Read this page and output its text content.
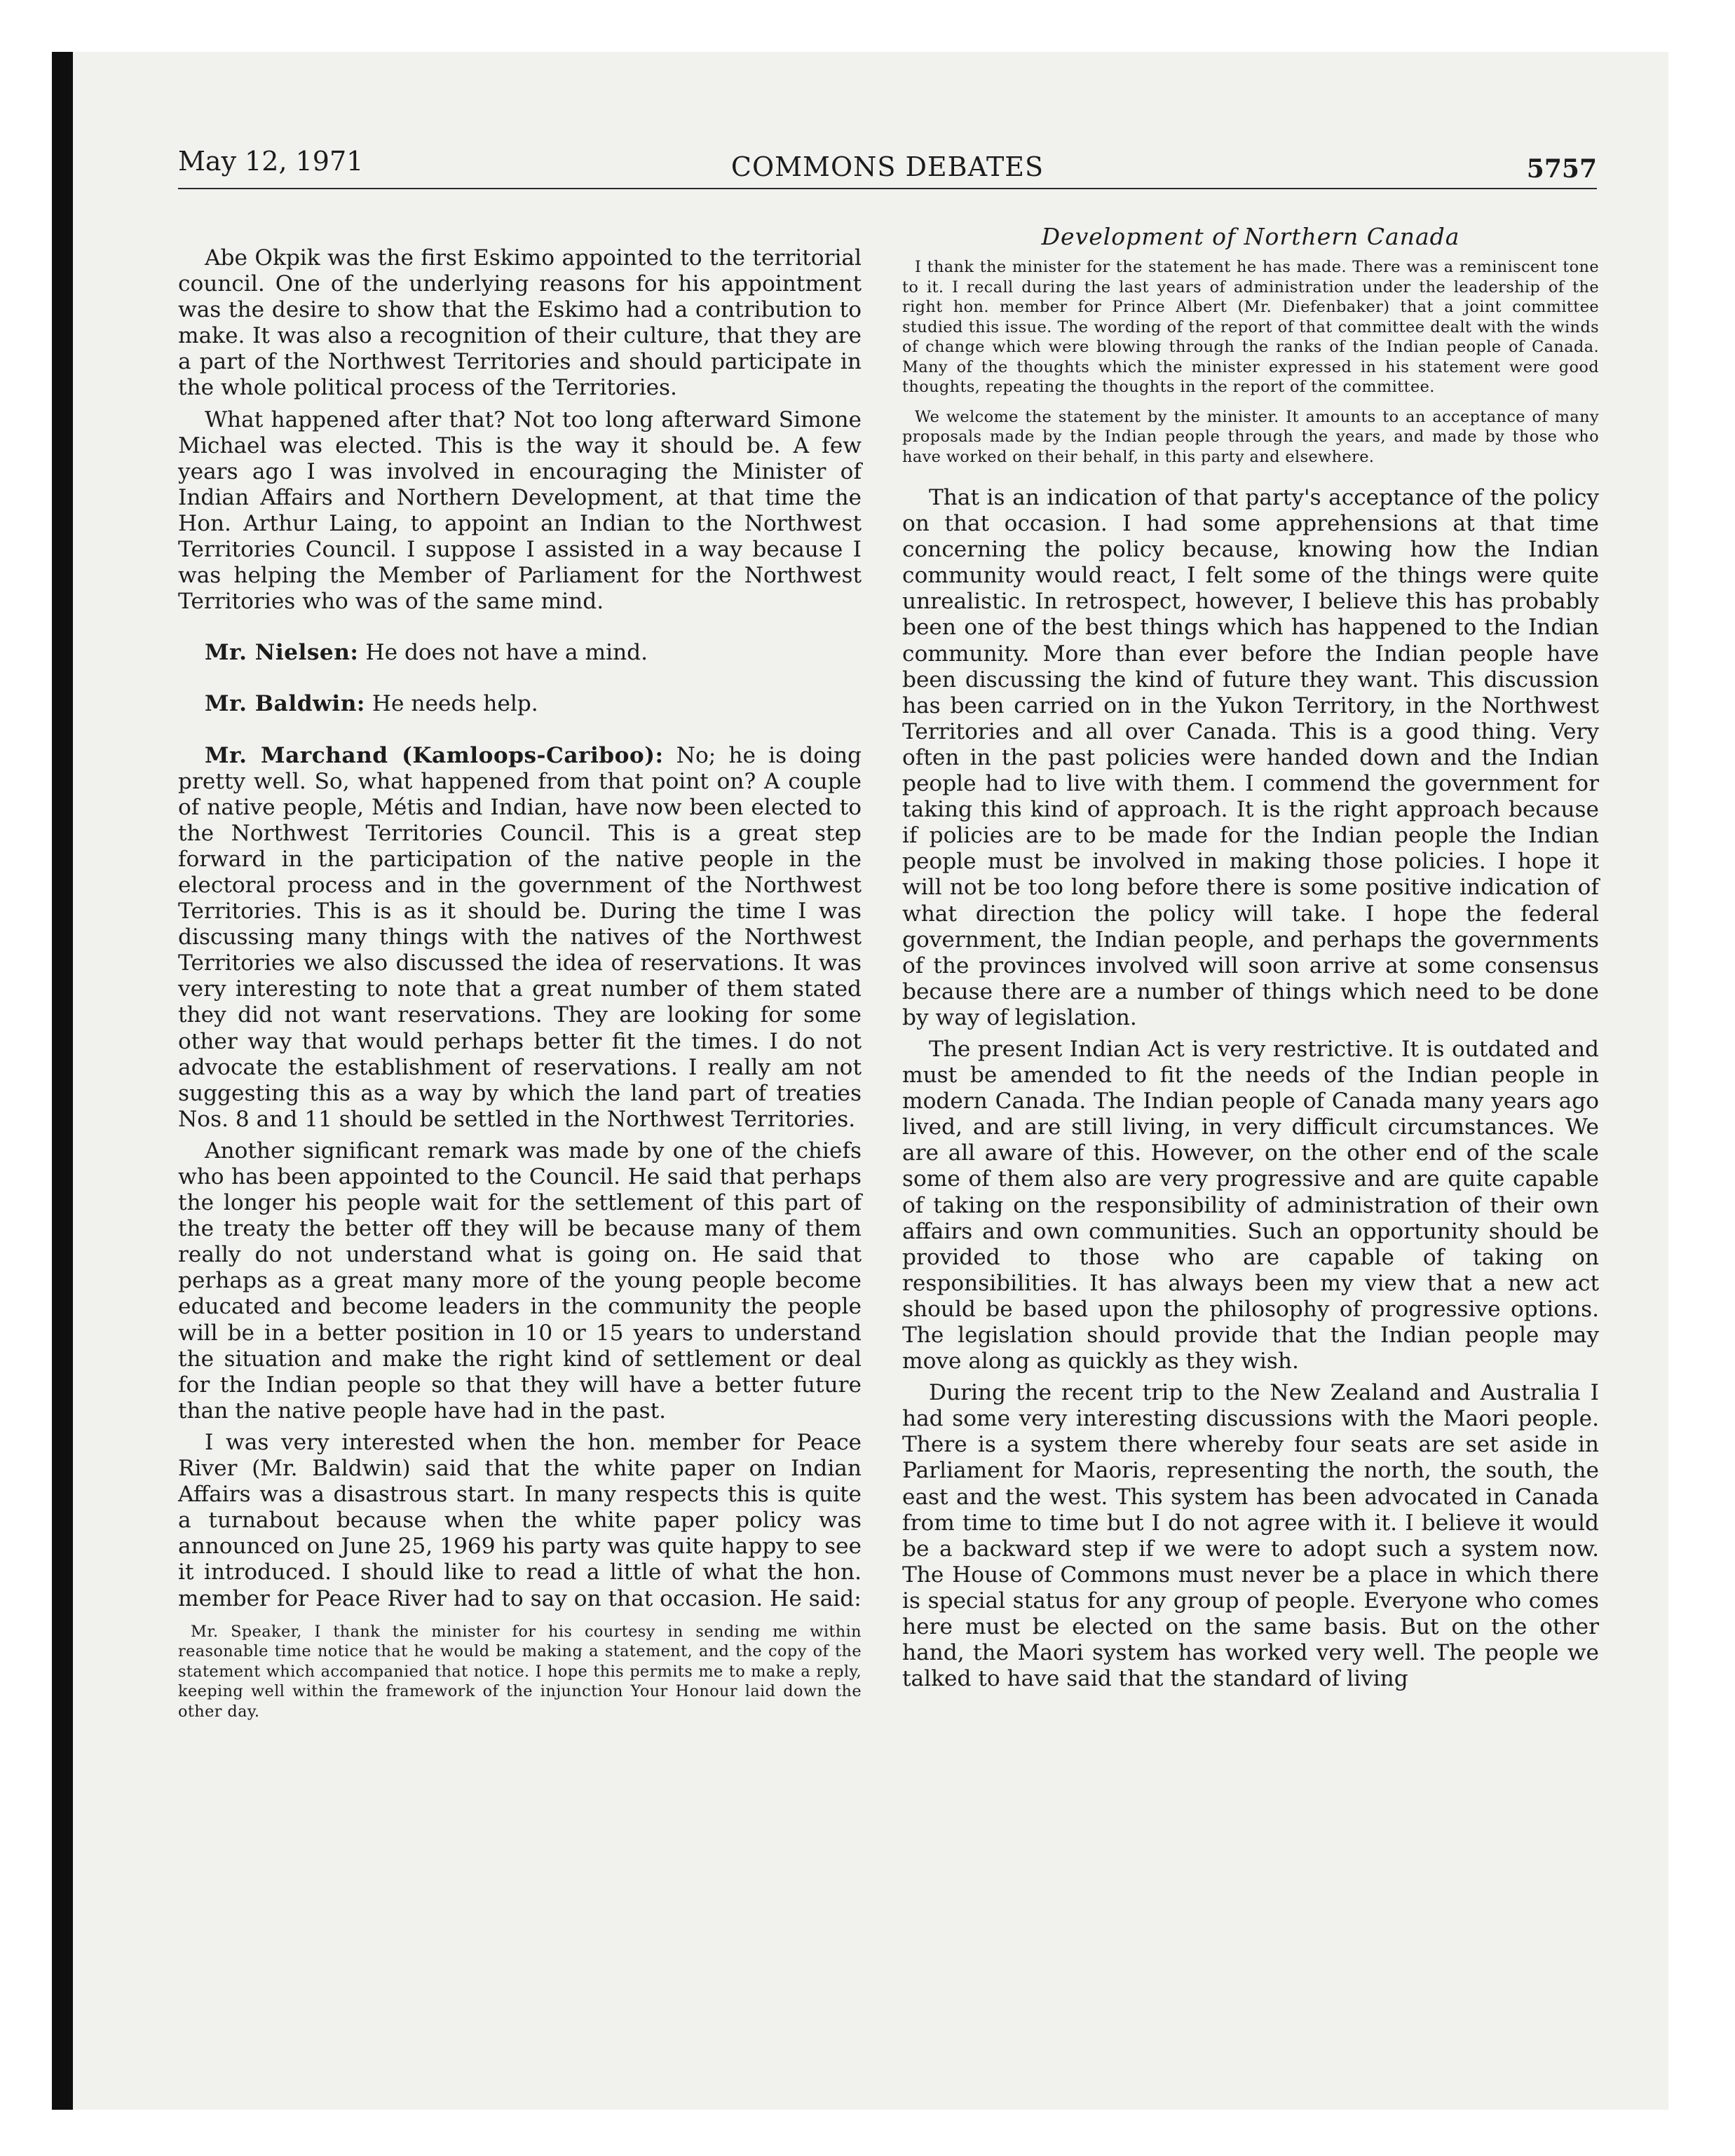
May 12, 1971	COMMONS DEBATES	5757

Abe Okpik was the first Eskimo appointed to the territorial council. One of the underlying reasons for his appointment was the desire to show that the Eskimo had a contribution to make. It was also a recognition of their culture, that they are a part of the Northwest Territories and should participate in the whole political process of the Territories.

What happened after that? Not too long afterward Simone Michael was elected. This is the way it should be. A few years ago I was involved in encouraging the Minister of Indian Affairs and Northern Development, at that time the Hon. Arthur Laing, to appoint an Indian to the Northwest Territories Council. I suppose I assisted in a way because I was helping the Member of Parliament for the Northwest Territories who was of the same mind.

Mr. Nielsen: He does not have a mind.

Mr. Baldwin: He needs help.

Mr. Marchand (Kamloops-Cariboo): No; he is doing pretty well. So, what happened from that point on? A couple of native people, Métis and Indian, have now been elected to the Northwest Territories Council. This is a great step forward in the participation of the native people in the electoral process and in the government of the Northwest Territories. This is as it should be. During the time I was discussing many things with the natives of the Northwest Territories we also discussed the idea of reservations. It was very interesting to note that a great number of them stated they did not want reservations. They are looking for some other way that would perhaps better fit the times. I do not advocate the establishment of reservations. I really am not suggesting this as a way by which the land part of treaties Nos. 8 and 11 should be settled in the Northwest Territories.

Another significant remark was made by one of the chiefs who has been appointed to the Council. He said that perhaps the longer his people wait for the settlement of this part of the treaty the better off they will be because many of them really do not understand what is going on. He said that perhaps as a great many more of the young people become educated and become leaders in the community the people will be in a better position in 10 or 15 years to understand the situation and make the right kind of settlement or deal for the Indian people so that they will have a better future than the native people have had in the past.

I was very interested when the hon. member for Peace River (Mr. Baldwin) said that the white paper on Indian Affairs was a disastrous start. In many respects this is quite a turnabout because when the white paper policy was announced on June 25, 1969 his party was quite happy to see it introduced. I should like to read a little of what the hon. member for Peace River had to say on that occasion. He said:

Mr. Speaker, I thank the minister for his courtesy in sending me within reasonable time notice that he would be making a statement, and the copy of the statement which accompanied that notice. I hope this permits me to make a reply, keeping well within the framework of the injunction Your Honour laid down the other day.

Development of Northern Canada

I thank the minister for the statement he has made. There was a reminiscent tone to it. I recall during the last years of administration under the leadership of the right hon. member for Prince Albert (Mr. Diefenbaker) that a joint committee studied this issue. The wording of the report of that committee dealt with the winds of change which were blowing through the ranks of the Indian people of Canada. Many of the thoughts which the minister expressed in his statement were good thoughts, repeating the thoughts in the report of the committee.

We welcome the statement by the minister. It amounts to an acceptance of many proposals made by the Indian people through the years, and made by those who have worked on their behalf, in this party and elsewhere.

That is an indication of that party's acceptance of the policy on that occasion. I had some apprehensions at that time concerning the policy because, knowing how the Indian community would react, I felt some of the things were quite unrealistic. In retrospect, however, I believe this has probably been one of the best things which has happened to the Indian community. More than ever before the Indian people have been discussing the kind of future they want. This discussion has been carried on in the Yukon Territory, in the Northwest Territories and all over Canada. This is a good thing. Very often in the past policies were handed down and the Indian people had to live with them. I commend the government for taking this kind of approach. It is the right approach because if policies are to be made for the Indian people the Indian people must be involved in making those policies. I hope it will not be too long before there is some positive indication of what direction the policy will take. I hope the federal government, the Indian people, and perhaps the governments of the provinces involved will soon arrive at some consensus because there are a number of things which need to be done by way of legislation.

The present Indian Act is very restrictive. It is outdated and must be amended to fit the needs of the Indian people in modern Canada. The Indian people of Canada many years ago lived, and are still living, in very difficult circumstances. We are all aware of this. However, on the other end of the scale some of them also are very progressive and are quite capable of taking on the responsibility of administration of their own affairs and own communities. Such an opportunity should be provided to those who are capable of taking on responsibilities. It has always been my view that a new act should be based upon the philosophy of progressive options. The legislation should provide that the Indian people may move along as quickly as they wish.

During the recent trip to the New Zealand and Australia I had some very interesting discussions with the Maori people. There is a system there whereby four seats are set aside in Parliament for Maoris, representing the north, the south, the east and the west. This system has been advocated in Canada from time to time but I do not agree with it. I believe it would be a backward step if we were to adopt such a system now. The House of Commons must never be a place in which there is special status for any group of people. Everyone who comes here must be elected on the same basis. But on the other hand, the Maori system has worked very well. The people we talked to have said that the standard of living
